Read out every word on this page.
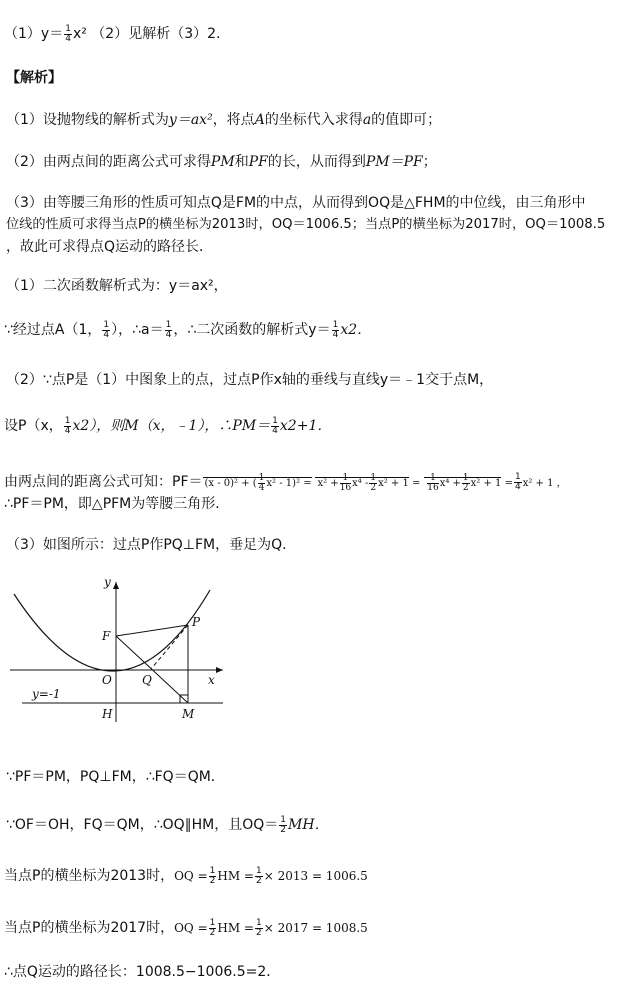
$(1)y= \frac{1}{4} x^2$ （2）见解析（3）2.
【解析】
（1）设抛物线的解析式为y＝ax²，将点A的坐标代入求得a的值即可；
（2）由两点间的距离公式可求得PM和PF的长，从而得到PM＝PF；
（3）由等腰三角形的性质可知点Q是FM的中点，从而得到OQ是△FHM的中位线，由三角形中
位线的性质可求得当点P的横坐标为2013时，OQ＝1006.5；当点P的横坐标为2017时，OQ＝1008.5
，故此可求得点Q运动的路径长．
（1）二次函数解析式为：y＝ax²，
∵经过点A（1， $\frac{1}{4}$ ），∴a＝ $\frac{1}{4}$ ，∴二次函数的解析式$y= \frac{1}{4} x2$．
（2）∵点P是（1）中图象上的点，过点P作x轴的垂线与直线y＝﹣1交于点M，
设P（x， $\frac{1}{4} x2$），则M（x，﹣1），∴PM＝ $\frac{1}{4} x2+1$．
由两点间的距离公式可知：PF＝ (x - 0)² + ( $\frac{1}{4} x^2 - 1)^2 = x^2 + \frac{1}{16} x^4 - \frac{1}{2} x^2 + 1 = \frac{1}{16} x^4 + \frac{1}{2} x^2 + 1 = \frac{1}{4} x^2 + 1$ ，
∴PF＝PM，即△PFM为等腰三角形．
（3）如图所示：过点P作PQ⊥FM，垂足为Q．
y
x
F
P
O	Q
H	M
y=-1
∵PF＝PM，PQ⊥FM，∴FQ＝QM．
∵OF＝OH，FQ＝QM，∴OQ∥HM，且$OQ= \frac{1}{2}$ MH．
当点P的横坐标为2013时，OQ = $\frac{1}{2}$ HM = $\frac{1}{2} \times 2013 = 1006.5$
当点P的横坐标为2017时，OQ = $\frac{1}{2}$ HM = $\frac{1}{2} \times 2017 = 1008.5$
∴点Q运动的路径长：1008.5−1006.5=2．
